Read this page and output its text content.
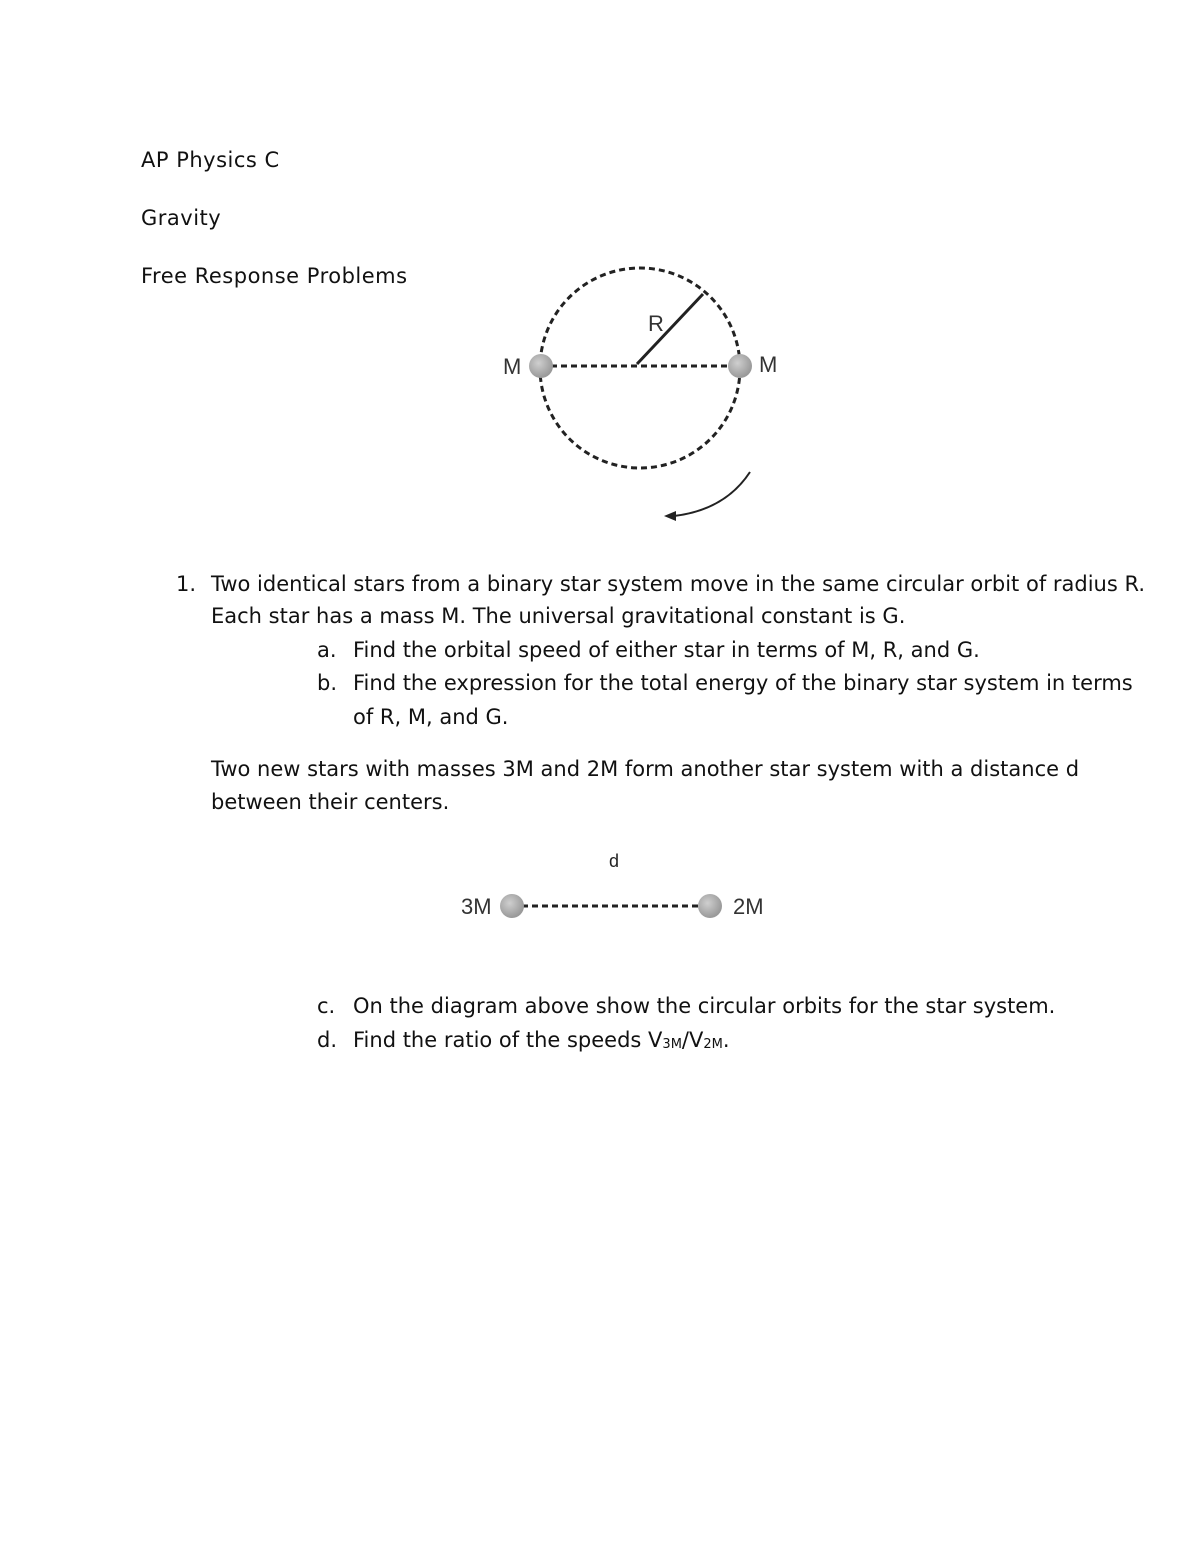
AP Physics C
Gravity
Free Response Problems
M	M
R
1. Two identical stars from a binary star system move in the same circular orbit of radius R.
Each star has a mass M. The universal gravitational constant is G.
a. Find the orbital speed of either star in terms of M, R, and G.
b. Find the expression for the total energy of the binary star system in terms
of R, M, and G.
Two new stars with masses 3M and 2M form another star system with a distance d
between their centers.
d
3M	2M
c. On the diagram above show the circular orbits for the star system.
d. Find the ratio of the speeds $V_{3M}/V_{2M}$.
